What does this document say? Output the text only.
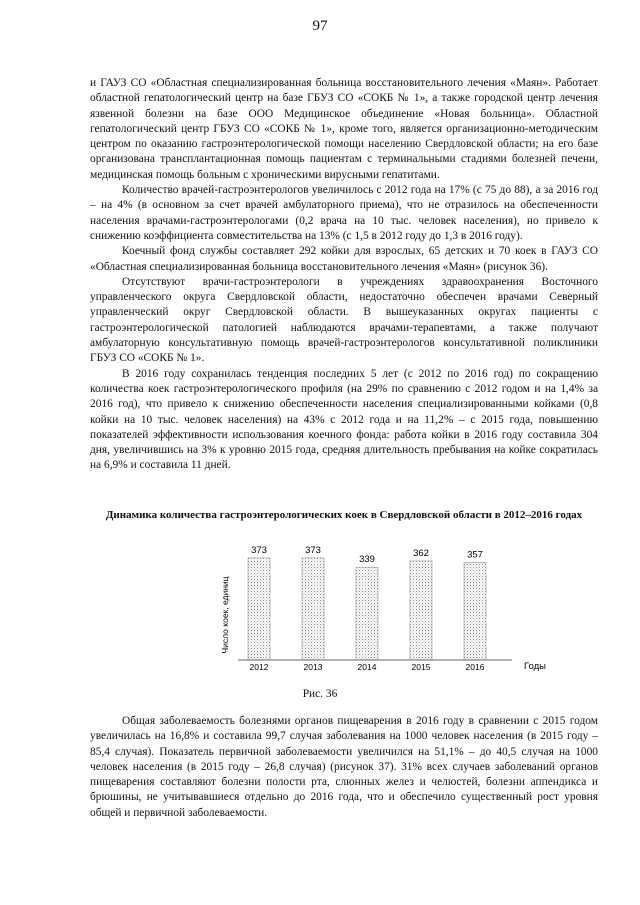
97

и ГАУЗ СО «Областная специализированная больница восстановительного лечения «Маян». Работает областной гепатологический центр на базе ГБУЗ СО «СОКБ № 1», а также городской центр лечения язвенной болезни на базе ООО Медицинское объединение «Новая больница». Областной гепатологический центр ГБУЗ СО «СОКБ № 1», кроме того, является организационно-методическим центром по оказанию гастроэнтерологической помощи населению Свердловской области; на его базе организована трансплантационная помощь пациентам с терминальными стадиями болезней печени, медицинская помощь больным с хроническими вирусными гепатитами.

Количество врачей-гастроэнтерологов увеличилось с 2012 года на 17% (с 75 до 88), а за 2016 год – на 4% (в основном за счет врачей амбулаторного приема), что не отразилось на обеспеченности населения врачами-гастроэнтерологами (0,2 врача на 10 тыс. человек населения), но привело к снижению коэффициента совместительства на 13% (с 1,5 в 2012 году до 1,3 в 2016 году).

Коечный фонд службы составляет 292 койки для взрослых, 65 детских и 70 коек в ГАУЗ СО «Областная специализированная больница восстановительного лечения «Маян» (рисунок 36).

Отсутствуют врачи-гастроэнтерологи в учреждениях здравоохранения Восточного управленческого округа Свердловской области, недостаточно обеспечен врачами Северный управленческий округ Свердловской области. В вышеуказанных округах пациенты с гастроэнтерологической патологией наблюдаются врачами-терапевтами, а также получают амбулаторную консультативную помощь врачей-гастроэнтерологов консультативной поликлиники ГБУЗ СО «СОКБ № 1».

В 2016 году сохранилась тенденция последних 5 лет (с 2012 по 2016 год) по сокращению количества коек гастроэнтерологического профиля (на 29% по сравнению с 2012 годом и на 1,4% за 2016 год), что привело к снижению обеспеченности населения специализированными койками (0,8 койки на 10 тыс. человек населения) на 43% с 2012 года и на 11,2% – с 2015 года, повышению показателей эффективности использования коечного фонда: работа койки в 2016 году составила 304 дня, увеличившись на 3% к уровню 2015 года, средняя длительность пребывания на койке сократилась на 6,9% и составила 11 дней.

Динамика количества гастроэнтерологических коек в Свердловской области в 2012–2016 годах
373
2012
373
2013
339
2014
362
2015
357
2016
Число коек, единиц
Годы
Рис. 36

Общая заболеваемость болезнями органов пищеварения в 2016 году в сравнении с 2015 годом увеличилась на 16,8% и составила 99,7 случая заболевания на 1000 человек населения (в 2015 году – 85,4 случая). Показатель первичной заболеваемости увеличился на 51,1% – до 40,5 случая на 1000 человек населения (в 2015 году – 26,8 случая) (рисунок 37). 31% всех случаев заболеваний органов пищеварения составляют болезни полости рта, слюнных желез и челюстей, болезни аппендикса и брюшины, не учитывавшиеся отдельно до 2016 года, что и обеспечило существенный рост уровня общей и первичной заболеваемости.
